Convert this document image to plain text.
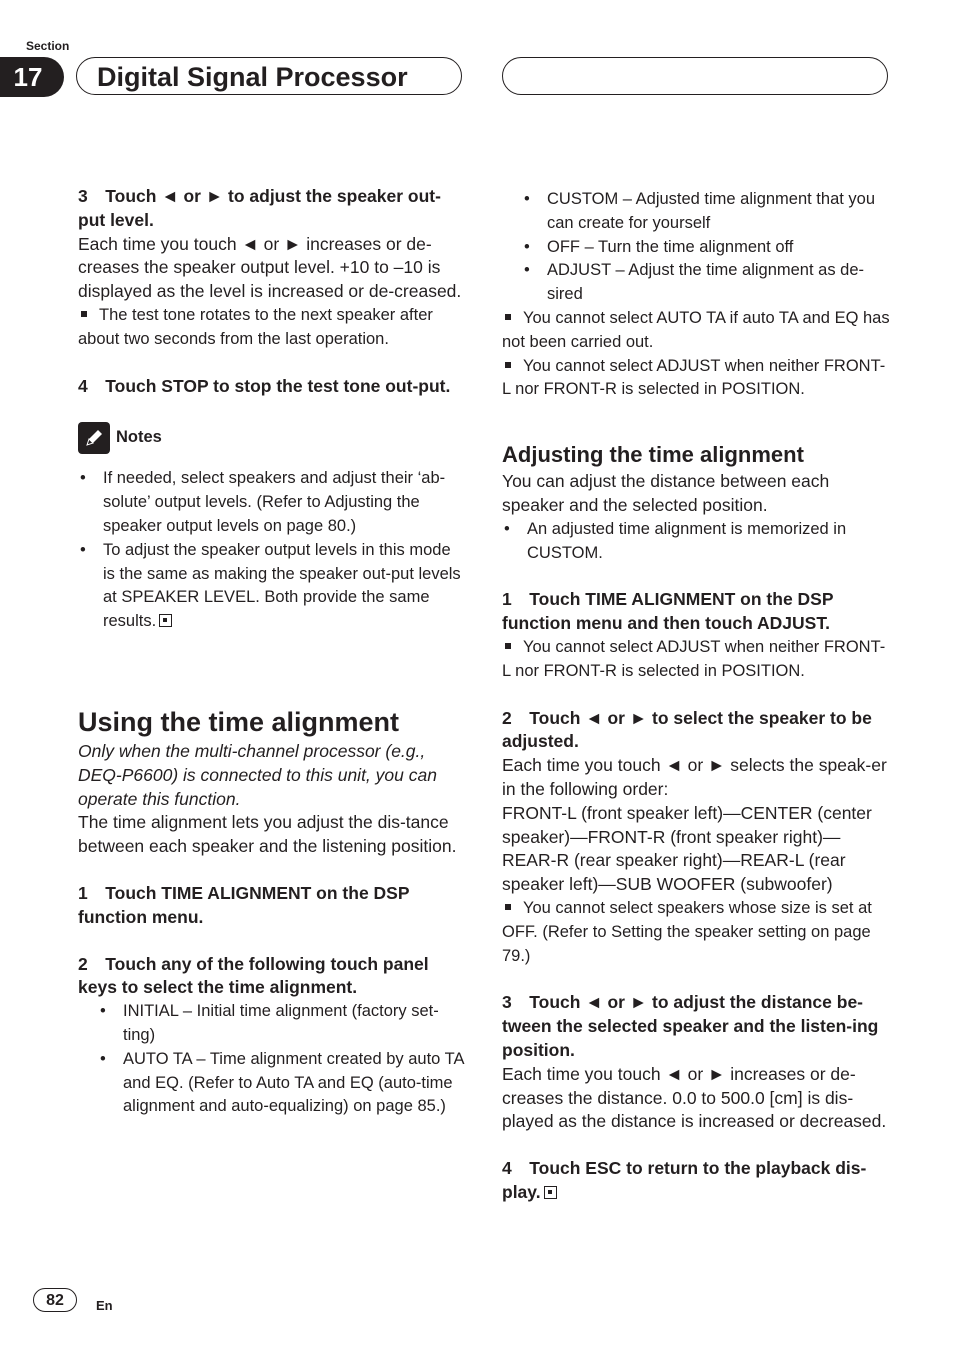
Section
17	Digital Signal Processor

3 Touch ◄ or ► to adjust the speaker out-put level.

Each time you touch ◄ or ► increases or de-creases the speaker output level. +10 to –10 is displayed as the level is increased or de-creased.

The test tone rotates to the next speaker after about two seconds from the last operation.

4 Touch STOP to stop the test tone out-put.

Notes
• If needed, select speakers and adjust their ‘ab-solute’ output levels. (Refer to Adjusting the speaker output levels on page 80.)
• To adjust the speaker output levels in this mode is the same as making the speaker out-put levels at SPEAKER LEVEL. Both provide the same results.
Using the time alignment

Only when the multi-channel processor (e.g., DEQ-P6600) is connected to this unit, you can operate this function.

The time alignment lets you adjust the dis-tance between each speaker and the listening position.

1 Touch TIME ALIGNMENT on the DSP function menu.

2 Touch any of the following touch panel keys to select the time alignment.

• INITIAL – Initial time alignment (factory set-ting)
• AUTO TA – Time alignment created by auto TA and EQ. (Refer to Auto TA and EQ (auto-time alignment and auto-equalizing) on page 85.)
• CUSTOM – Adjusted time alignment that you can create for yourself
• OFF – Turn the time alignment off
• ADJUST – Adjust the time alignment as de-sired

You cannot select AUTO TA if auto TA and EQ has not been carried out.

You cannot select ADJUST when neither FRONT-L nor FRONT-R is selected in POSITION.

Adjusting the time alignment

You can adjust the distance between each speaker and the selected position.

• An adjusted time alignment is memorized in CUSTOM.

1 Touch TIME ALIGNMENT on the DSP function menu and then touch ADJUST.

You cannot select ADJUST when neither FRONT-L nor FRONT-R is selected in POSITION.

2 Touch ◄ or ► to select the speaker to be adjusted.

Each time you touch ◄ or ► selects the speak-er in the following order:

FRONT-L (front speaker left)—CENTER (center speaker)—FRONT-R (front speaker right)—REAR-R (rear speaker right)—REAR-L (rear speaker left)—SUB WOOFER (subwoofer)

You cannot select speakers whose size is set at OFF. (Refer to Setting the speaker setting on page 79.)

3 Touch ◄ or ► to adjust the distance be-tween the selected speaker and the listen-ing position.

Each time you touch ◄ or ► increases or de-creases the distance. 0.0 to 500.0 [cm] is dis-played as the distance is increased or decreased.

4 Touch ESC to return to the playback dis-play.

82	En
